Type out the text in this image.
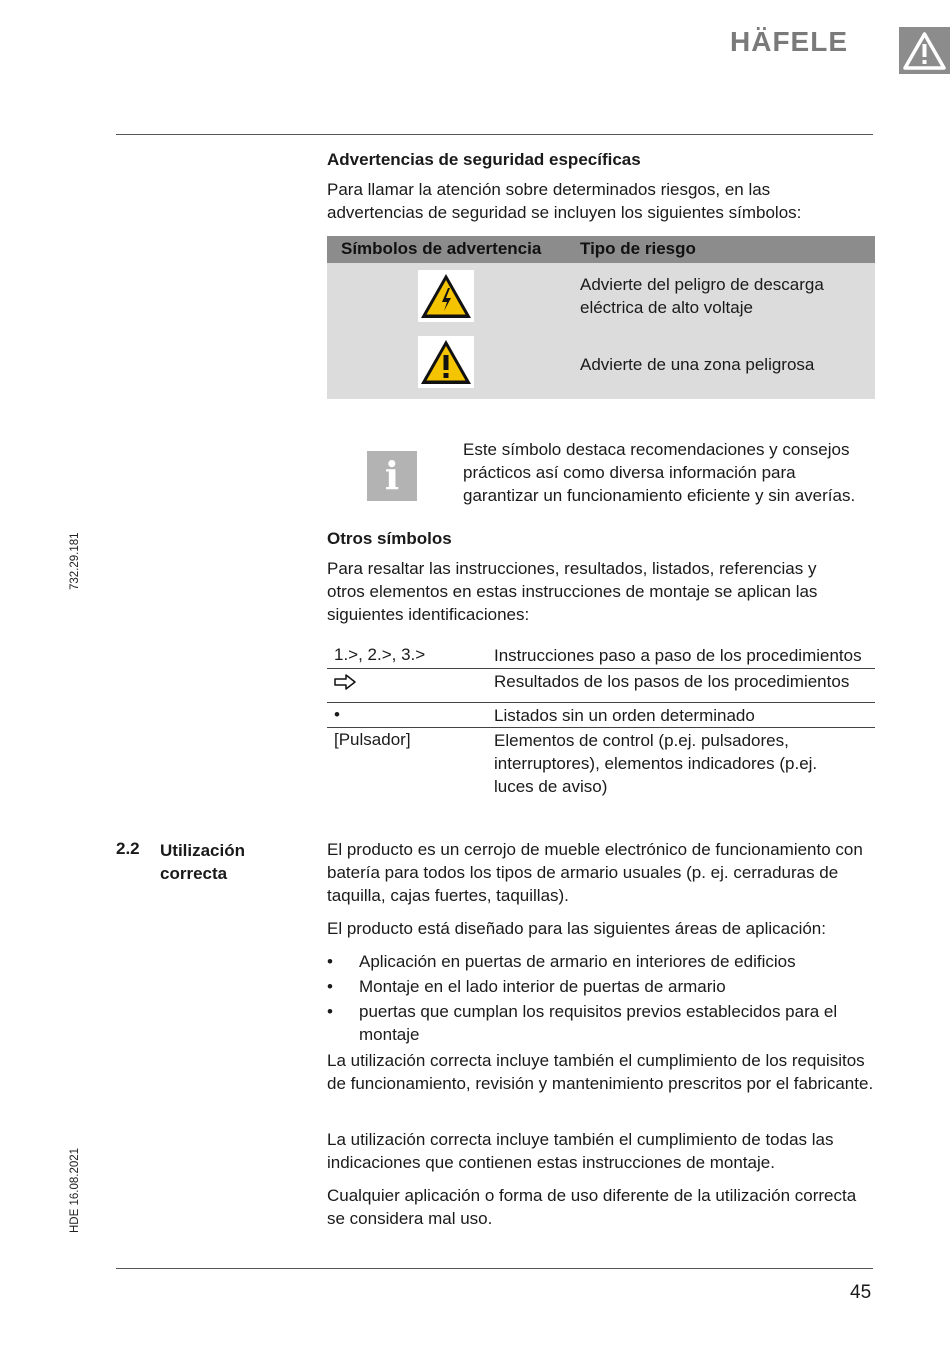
HÄFELE
Advertencias de seguridad específicas
Para llamar la atención sobre determinados riesgos, en las advertencias de seguridad se incluyen los siguientes símbolos:
Símbolos de advertencia Tipo de riesgo
Advierte del peligro de descarga eléctrica de alto voltaje
Advierte de una zona peligrosa
i
Este símbolo destaca recomendaciones y consejos prácticos así como diversa información para garantizar un funcionamiento eficiente y sin averías.
Otros símbolos
Para resaltar las instrucciones, resultados, listados, referencias y otros elementos en estas instrucciones de montaje se aplican las siguientes identificaciones:
1.>, 2.>, 3.>	Instrucciones paso a paso de los procedimientos
Resultados de los pasos de los procedimientos
•	Listados sin un orden determinado
[Pulsador]	Elementos de control (p.ej. pulsadores, interruptores), elementos indicadores (p.ej. luces de aviso)
2.2 Utilización correcta
El producto es un cerrojo de mueble electrónico de funcionamiento con batería para todos los tipos de armario usuales (p. ej. cerraduras de taquilla, cajas fuertes, taquillas).
El producto está diseñado para las siguientes áreas de aplicación:
• Aplicación en puertas de armario en interiores de edificios
• Montaje en el lado interior de puertas de armario
• puertas que cumplan los requisitos previos establecidos para el montaje
La utilización correcta incluye también el cumplimiento de los requisitos de funcionamiento, revisión y mantenimiento prescritos por el fabricante.
La utilización correcta incluye también el cumplimiento de todas las indicaciones que contienen estas instrucciones de montaje.
Cualquier aplicación o forma de uso diferente de la utilización correcta se considera mal uso.
732.29.181
HDE 16.08.2021
45
